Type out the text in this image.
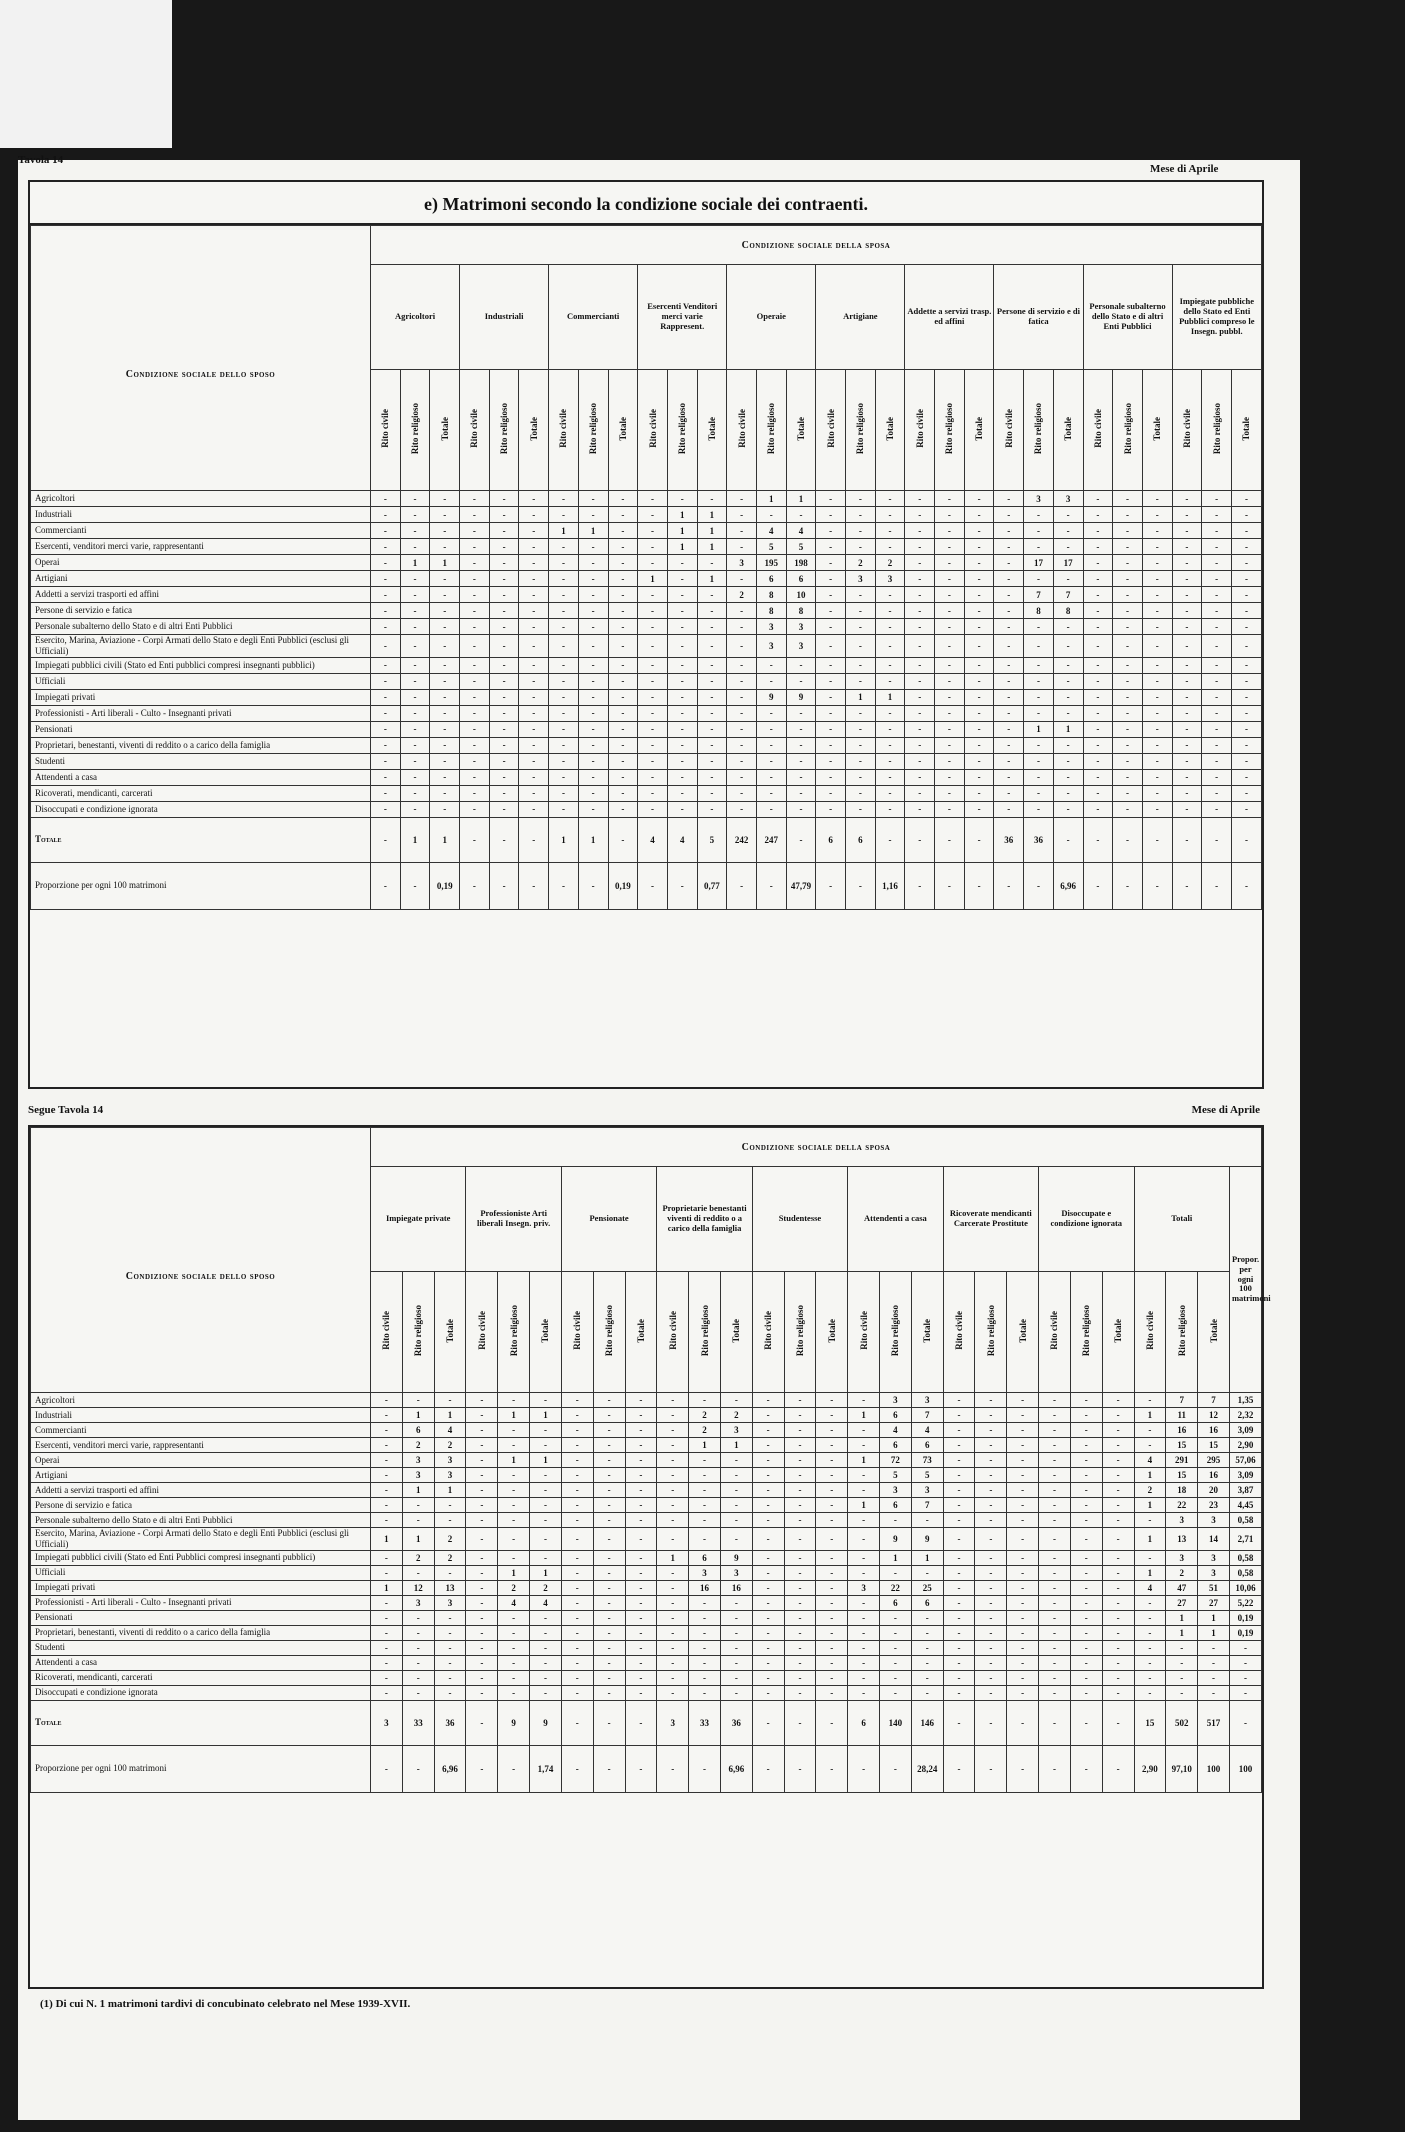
Tavola 14
Mese di Aprile
e) Matrimoni secondo la condizione sociale dei contraenti.
Condizione sociale dello sposo	Condizione sociale della sposa																													
	Agricoltori			Industriali			Commercianti			Esercenti Venditori merci varie Rappresent.			Operaie			Artigiane			Addette a servizi trasp. ed affini			Persone di servizio e di fatica			Personale subalterno dello Stato e di altri Enti Pubblici			Impiegate pubbliche dello Stato ed Enti Pubblici compreso le Insegn. pubbl.		
	Rito civile	Rito religioso	Totale	Rito civile	Rito religioso	Totale	Rito civile	Rito religioso	Totale	Rito civile	Rito religioso	Totale	Rito civile	Rito religioso	Totale	Rito civile	Rito religioso	Totale	Rito civile	Rito religioso	Totale	Rito civile	Rito religioso	Totale	Rito civile	Rito religioso	Totale	Rito civile	Rito religioso	Totale
Agricoltori	-	-	-	-	-	-	-	-	-	-	-	-	-	1	1	-	-	-	-	-	-	-	3	3	-	-	-	-	-	-
Industriali	-	-	-	-	-	-	-	-	-	-	1	1	-	-	-	-	-	-	-	-	-	-	-	-	-	-	-	-	-	-
Commercianti	-	-	-	-	-	-	1	1	-	-	1	1	-	4	4	-	-	-	-	-	-	-	-	-	-	-	-	-	-	-
Esercenti, venditori merci varie, rappresentanti	-	-	-	-	-	-	-	-	-	-	1	1	-	5	5	-	-	-	-	-	-	-	-	-	-	-	-	-	-	-
Operai	-	1	1	-	-	-	-	-	-	-	-	-	3	195	198	-	2	2	-	-	-	-	17	17	-	-	-	-	-	-
Artigiani	-	-	-	-	-	-	-	-	-	1	-	1	-	6	6	-	3	3	-	-	-	-	-	-	-	-	-	-	-	-
Addetti a servizi trasporti ed affini	-	-	-	-	-	-	-	-	-	-	-	-	2	8	10	-	-	-	-	-	-	-	7	7	-	-	-	-	-	-
Persone di servizio e fatica	-	-	-	-	-	-	-	-	-	-	-	-	-	8	8	-	-	-	-	-	-	-	8	8	-	-	-	-	-	-
Personale subalterno dello Stato e di altri Enti Pubblici	-	-	-	-	-	-	-	-	-	-	-	-	-	3	3	-	-	-	-	-	-	-	-	-	-	-	-	-	-	-
Esercito, Marina, Aviazione - Corpi Armati dello Stato e degli Enti Pubblici (esclusi gli Ufficiali)	-	-	-	-	-	-	-	-	-	-	-	-	-	3	3	-	-	-	-	-	-	-	-	-	-	-	-	-	-	-
Impiegati pubblici civili (Stato ed Enti pubblici compresi insegnanti pubblici)	-	-	-	-	-	-	-	-	-	-	-	-	-	-	-	-	-	-	-	-	-	-	-	-	-	-	-	-	-	-
Ufficiali	-	-	-	-	-	-	-	-	-	-	-	-	-	-	-	-	-	-	-	-	-	-	-	-	-	-	-	-	-	-
Impiegati privati	-	-	-	-	-	-	-	-	-	-	-	-	-	9	9	-	1	1	-	-	-	-	-	-	-	-	-	-	-	-
Professionisti - Arti liberali - Culto - Insegnanti privati	-	-	-	-	-	-	-	-	-	-	-	-	-	-	-	-	-	-	-	-	-	-	-	-	-	-	-	-	-	-
Pensionati	-	-	-	-	-	-	-	-	-	-	-	-	-	-	-	-	-	-	-	-	-	-	1	1	-	-	-	-	-	-
Proprietari, benestanti, viventi di reddito o a carico della famiglia	-	-	-	-	-	-	-	-	-	-	-	-	-	-	-	-	-	-	-	-	-	-	-	-	-	-	-	-	-	-
Studenti	-	-	-	-	-	-	-	-	-	-	-	-	-	-	-	-	-	-	-	-	-	-	-	-	-	-	-	-	-	-
Attendenti a casa	-	-	-	-	-	-	-	-	-	-	-	-	-	-	-	-	-	-	-	-	-	-	-	-	-	-	-	-	-	-
Ricoverati, mendicanti, carcerati	-	-	-	-	-	-	-	-	-	-	-	-	-	-	-	-	-	-	-	-	-	-	-	-	-	-	-	-	-	-
Disoccupati e condizione ignorata	-	-	-	-	-	-	-	-	-	-	-	-	-	-	-	-	-	-	-	-	-	-	-	-	-	-	-	-	-	-
Totale	-	1	1	-	-	-	1	1	-	4	4	5	242	247	-	6	6	-	-	-	-	36	36	-	-	-	-	-	-	-
Proporzione per ogni 100 matrimoni	-	-	0,19	-	-	-	-	-	0,19	-	-	0,77	-	-	47,79	-	-	1,16	-	-	-	-	-	6,96	-	-	-	-	-	-
Segue Tavola 14	Mese di Aprile
Condizione sociale dello sposo	Condizione sociale della sposa																											
	Impiegate private			Professioniste Arti liberali Insegn. priv.			Pensionate			Proprietarie benestanti viventi di reddito o a carico della famiglia			Studentesse			Attendenti a casa			Ricoverate mendicanti Carcerate Prostitute			Disoccupate e condizione ignorata			Totali			Propor. per ogni 100 matrimoni
	Rito civile	Rito religioso	Totale	Rito civile	Rito religioso	Totale	Rito civile	Rito religioso	Totale	Rito civile	Rito religioso	Totale	Rito civile	Rito religioso	Totale	Rito civile	Rito religioso	Totale	Rito civile	Rito religioso	Totale	Rito civile	Rito religioso	Totale	Rito civile	Rito religioso	Totale	
Agricoltori	-	-	-	-	-	-	-	-	-	-	-	-	-	-	-	-	3	3	-	-	-	-	-	-	-	7	7	1,35
Industriali	-	1	1	-	1	1	-	-	-	-	2	2	-	-	-	1	6	7	-	-	-	-	-	-	1	11	12	2,32
Commercianti	-	6	4	-	-	-	-	-	-	-	2	3	-	-	-	-	4	4	-	-	-	-	-	-	-	16	16	3,09
Esercenti, venditori merci varie, rappresentanti	-	2	2	-	-	-	-	-	-	-	1	1	-	-	-	-	6	6	-	-	-	-	-	-	-	15	15	2,90
Operai	-	3	3	-	1	1	-	-	-	-	-	-	-	-	-	1	72	73	-	-	-	-	-	-	4	291	295	57,06
Artigiani	-	3	3	-	-	-	-	-	-	-	-	-	-	-	-	-	5	5	-	-	-	-	-	-	1	15	16	3,09
Addetti a servizi trasporti ed affini	-	1	1	-	-	-	-	-	-	-	-	-	-	-	-	-	3	3	-	-	-	-	-	-	2	18	20	3,87
Persone di servizio e fatica	-	-	-	-	-	-	-	-	-	-	-	-	-	-	-	1	6	7	-	-	-	-	-	-	1	22	23	4,45
Personale subalterno dello Stato e di altri Enti Pubblici	-	-	-	-	-	-	-	-	-	-	-	-	-	-	-	-	-	-	-	-	-	-	-	-	-	3	3	0,58
Esercito, Marina, Aviazione - Corpi Armati dello Stato e degli Enti Pubblici (esclusi gli Ufficiali)	1	1	2	-	-	-	-	-	-	-	-	-	-	-	-	-	9	9	-	-	-	-	-	-	1	13	14	2,71
Impiegati pubblici civili (Stato ed Enti Pubblici compresi insegnanti pubblici)	-	2	2	-	-	-	-	-	-	1	6	9	-	-	-	-	1	1	-	-	-	-	-	-	-	3	3	0,58
Ufficiali	-	-	-	-	1	1	-	-	-	-	3	3	-	-	-	-	-	-	-	-	-	-	-	-	1	2	3	0,58
Impiegati privati	1	12	13	-	2	2	-	-	-	-	16	16	-	-	-	3	22	25	-	-	-	-	-	-	4	47	51	10,06
Professionisti - Arti liberali - Culto - Insegnanti privati	-	3	3	-	4	4	-	-	-	-	-	-	-	-	-	-	6	6	-	-	-	-	-	-	-	27	27	5,22
Pensionati	-	-	-	-	-	-	-	-	-	-	-	-	-	-	-	-	-	-	-	-	-	-	-	-	-	1	1	0,19
Proprietari, benestanti, viventi di reddito o a carico della famiglia	-	-	-	-	-	-	-	-	-	-	-	-	-	-	-	-	-	-	-	-	-	-	-	-	-	1	1	0,19
Studenti	-	-	-	-	-	-	-	-	-	-	-	-	-	-	-	-	-	-	-	-	-	-	-	-	-	-	-	-
Attendenti a casa	-	-	-	-	-	-	-	-	-	-	-	-	-	-	-	-	-	-	-	-	-	-	-	-	-	-	-	-
Ricoverati, mendicanti, carcerati	-	-	-	-	-	-	-	-	-	-	-	-	-	-	-	-	-	-	-	-	-	-	-	-	-	-	-	-
Disoccupati e condizione ignorata	-	-	-	-	-	-	-	-	-	-	-	-	-	-	-	-	-	-	-	-	-	-	-	-	-	-	-	-
Totale	3	33	36	-	9	9	-	-	-	3	33	36	-	-	-	6	140	146	-	-	-	-	-	-	15	502	517	-
Proporzione per ogni 100 matrimoni	-	-	6,96	-	-	1,74	-	-	-	-	-	6,96	-	-	-	-	-	28,24	-	-	-	-	-	-	2,90	97,10	100	100
(1) Di cui N. 1 matrimoni tardivi di concubinato celebrato nel Mese 1939-XVII.
